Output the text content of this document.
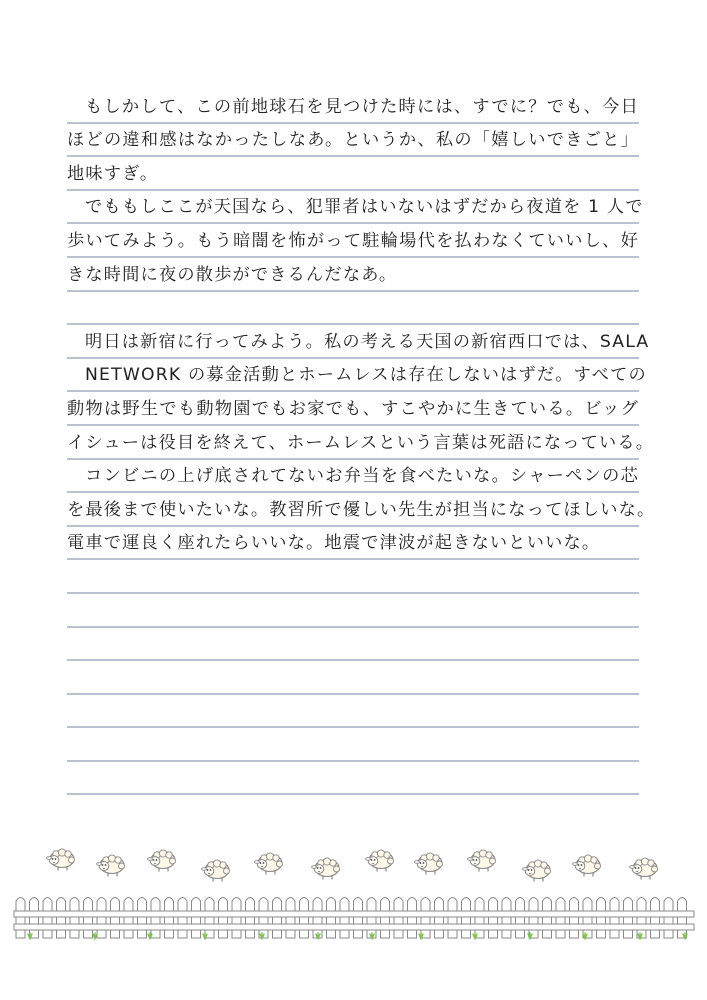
もしかして、この前地球石を見つけた時には、すでに？でも、今日
ほどの違和感はなかったしなあ。というか、私の「嬉しいできごと」
地味すぎ。
でももしここが天国なら、犯罪者はいないはずだから夜道を 1 人で
歩いてみよう。もう暗闇を怖がって駐輪場代を払わなくていいし、好
きな時間に夜の散歩ができるんだなあ。
明日は新宿に行ってみよう。私の考える天国の新宿西口では、SALA
NETWORK の募金活動とホームレスは存在しないはずだ。すべての
動物は野生でも動物園でもお家でも、すこやかに生きている。ビッグ
イシューは役目を終えて、ホームレスという言葉は死語になっている。
コンビニの上げ底されてないお弁当を食べたいな。シャーペンの芯
を最後まで使いたいな。教習所で優しい先生が担当になってほしいな。
電車で運良く座れたらいいな。地震で津波が起きないといいな。
